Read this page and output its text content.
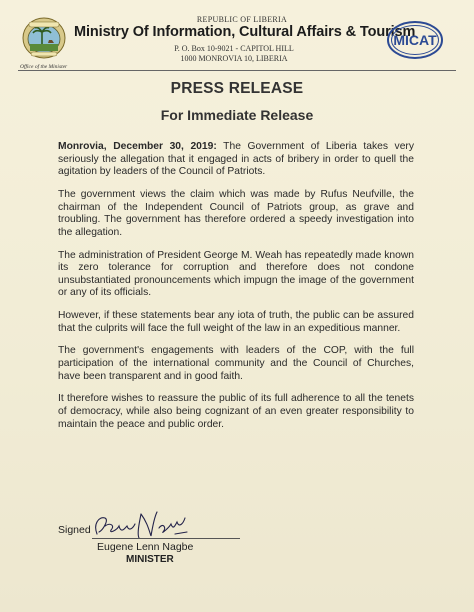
Office of the Minister
REPUBLIC OF LIBERIA
Ministry Of Information, Cultural Affairs & Tourism
P. O. Box 10-9021 - CAPITOL HILL
1000 MONROVIA 10, LIBERIA
MICAT
PRESS RELEASE
For Immediate Release

Monrovia, December 30, 2019: The Government of Liberia takes very seriously the allegation that it engaged in acts of bribery in order to quell the agitation by leaders of the Council of Patriots.

The government views the claim which was made by Rufus Neufville, the chairman of the Independent Council of Patriots group, as grave and troubling. The government has therefore ordered a speedy investigation into the allegation.

The administration of President George M. Weah has repeatedly made known its zero tolerance for corruption and therefore does not condone unsubstantiated pronouncements which impugn the image of the government or any of its officials.

However, if these statements bear any iota of truth, the public can be assured that the culprits will face the full weight of the law in an expeditious manner.

The government's engagements with leaders of the COP, with the full participation of the international community and the Council of Churches, have been transparent and in good faith.

It therefore wishes to reassure the public of its full adherence to all the tenets of democracy, while also being cognizant of an even greater responsibility to maintain the peace and public order.

Signed
Eugene Lenn Nagbe
MINISTER
